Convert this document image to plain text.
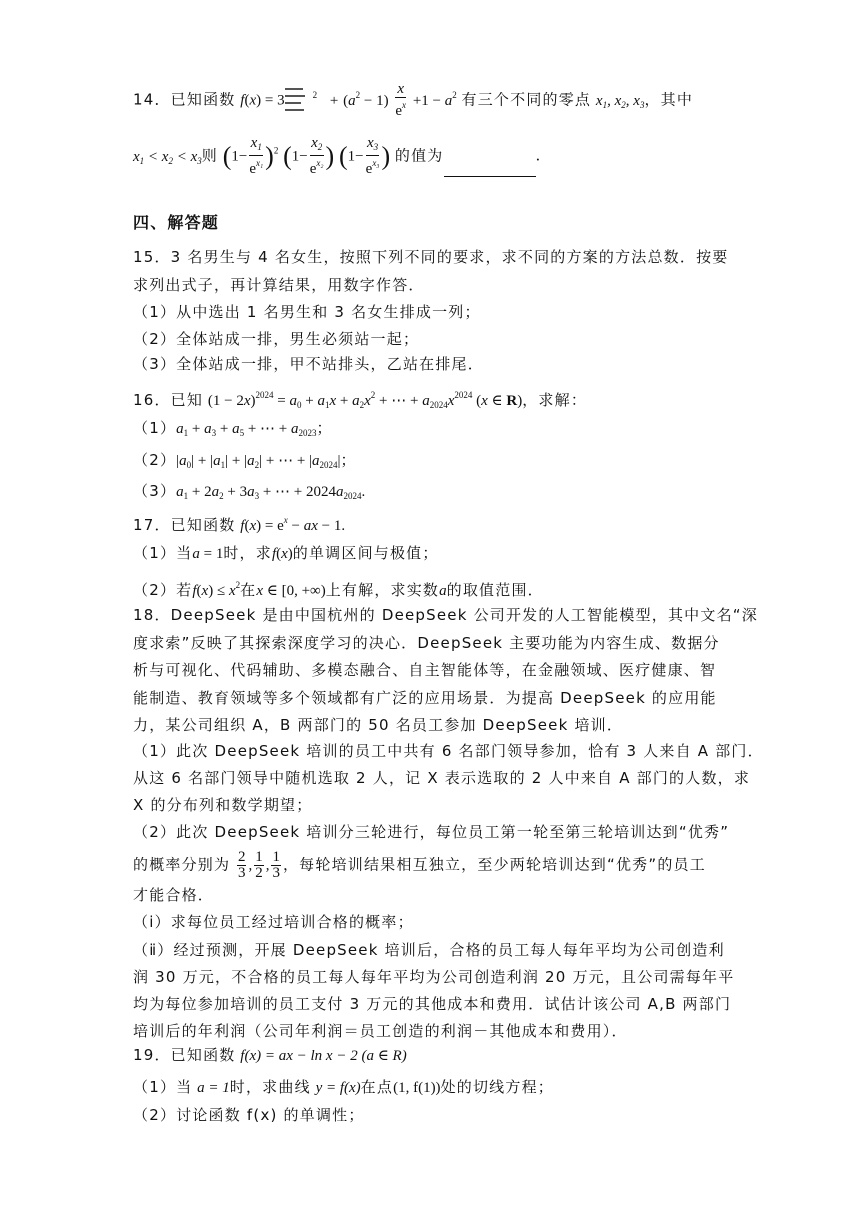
14．已知函数 f(x) = 3	$^2 + (a^2 - 1) \frac{x}{e^x} +1 - a^2$ 有三个不同的零点 $x_1$, $x_2$, $x_3$，其中
$x_1 < x_2 < x_3$则 $(1- \frac{x_1}{e^{x_1}} )^2$ ($1- \frac{x_2}{e^{x_2}}$ ) ($1- \frac{x_3}{e^{x_3}}$ ) 的值为	.
四、解答题
15．3 名男生与 4 名女生，按照下列不同的要求，求不同的方案的方法总数．按要
求列出式子，再计算结果，用数字作答．
（1）从中选出 1 名男生和 3 名女生排成一列；
（2）全体站成一排，男生必须站一起；
（3）全体站成一排，甲不站排头，乙站在排尾．
16．已知 $(1 - 2x)^{2024} = a_0 + a_1x + a_2x^2$ + ⋯ + $a_{2024}x^{2024}$ (x ∈ R)，求解：
$(1)a_1 + a_3 + a_5$ + ⋯ + $a_{2023}$；
$(2)|a_0| + |a_1| + |a_2|$ + ⋯ + $|a_{2024}|$；
$(3)a_1 + 2a_2 + 3a_3$ + ⋯ + $2024a_{2024}$.
17．已知函数 $f(x) = e^x$ − ax − 1.
（1）当a = 1时，求f(x)的单调区间与极值；
（2）若$f(x) \le x^2$在x ∈ [0, +∞)上有解，求实数a的取值范围．
18．DeepSeek 是由中国杭州的 DeepSeek 公司开发的人工智能模型，其中文名“深
度求索”反映了其探索深度学习的决心．DeepSeek 主要功能为内容生成、数据分
析与可视化、代码辅助、多模态融合、自主智能体等，在金融领域、医疗健康、智
能制造、教育领域等多个领域都有广泛的应用场景．为提高 DeepSeek 的应用能
力，某公司组织 A，B 两部门的 50 名员工参加 DeepSeek 培训．
（1）此次 DeepSeek 培训的员工中共有 6 名部门领导参加，恰有 3 人来自 A 部门．
从这 6 名部门领导中随机选取 2 人，记 X 表示选取的 2 人中来自 A 部门的人数，求
X 的分布列和数学期望；
（2）此次 DeepSeek 培训分三轮进行，每位员工第一轮至第三轮培训达到“优秀”
的概率分别为 $\frac{2}{3}$ , $\frac{1}{2}$ , $\frac{1}{3}$ ，每轮培训结果相互独立，至少两轮培训达到“优秀”的员工
才能合格．
（ⅰ）求每位员工经过培训合格的概率；
（ⅱ）经过预测，开展 DeepSeek 培训后，合格的员工每人每年平均为公司创造利
润 30 万元，不合格的员工每人每年平均为公司创造利润 20 万元，且公司需每年平
均为每位参加培训的员工支付 3 万元的其他成本和费用．试估计该公司 A,B 两部门
培训后的年利润（公司年利润＝员工创造的利润－其他成本和费用）．
19．已知函数 f(x) = ax − ln x − 2 (a ∈ R)
（1）当 a = 1时，求曲线 y = f(x)在点(1, f(1))处的切线方程；
（2）讨论函数 f(x) 的单调性；
